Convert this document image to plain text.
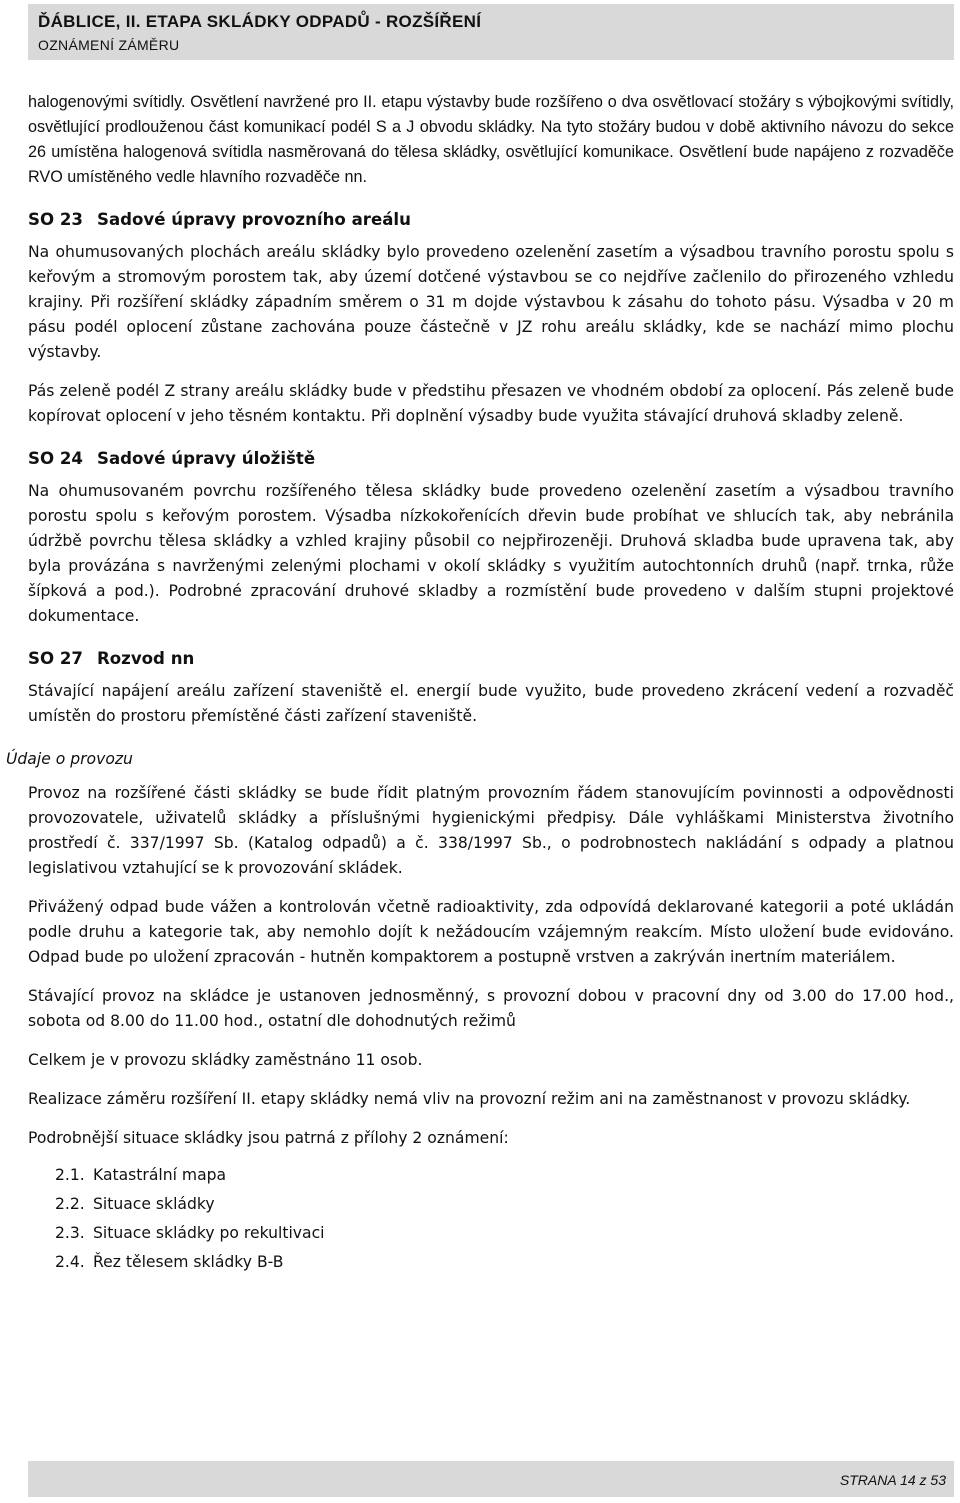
ĎÁBLICE, II. ETAPA SKLÁDKY ODPADŮ - ROZŠÍŘENÍ
OZNÁMENÍ ZÁMĚRU

halogenovými svítidly. Osvětlení navržené pro II. etapu výstavby bude rozšířeno o dva osvětlovací stožáry s výbojkovými svítidly, osvětlující prodlouženou část komunikací podél S a J obvodu skládky. Na tyto stožáry budou v době aktivního návozu do sekce 26 umístěna halogenová svítidla nasměrovaná do tělesa skládky, osvětlující komunikace. Osvětlení bude napájeno z rozvaděče RVO umístěného vedle hlavního rozvaděče nn.

SO 23 Sadové úpravy provozního areálu

Na ohumusovaných plochách areálu skládky bylo provedeno ozelenění zasetím a výsadbou travního porostu spolu s keřovým a stromovým porostem tak, aby území dotčené výstavbou se co nejdříve začlenilo do přirozeného vzhledu krajiny. Při rozšíření skládky západním směrem o 31 m dojde výstavbou k zásahu do tohoto pásu. Výsadba v 20 m pásu podél oplocení zůstane zachována pouze částečně v JZ rohu areálu skládky, kde se nachází mimo plochu výstavby.

Pás zeleně podél Z strany areálu skládky bude v předstihu přesazen ve vhodném období za oplocení. Pás zeleně bude kopírovat oplocení v jeho těsném kontaktu. Při doplnění výsadby bude využita stávající druhová skladby zeleně.

SO 24 Sadové úpravy úložiště

Na ohumusovaném povrchu rozšířeného tělesa skládky bude provedeno ozelenění zasetím a výsadbou travního porostu spolu s keřovým porostem. Výsadba nízkokořenících dřevin bude probíhat ve shlucích tak, aby nebránila údržbě povrchu tělesa skládky a vzhled krajiny působil co nejpřirozeněji. Druhová skladba bude upravena tak, aby byla provázána s navrženými zelenými plochami v okolí skládky s využitím autochtonních druhů (např. trnka, růže šípková a pod.). Podrobné zpracování druhové skladby a rozmístění bude provedeno v dalším stupni projektové dokumentace.

SO 27 Rozvod nn

Stávající napájení areálu zařízení staveniště el. energií bude využito, bude provedeno zkrácení vedení a rozvaděč umístěn do prostoru přemístěné části zařízení staveniště.

Údaje o provozu

Provoz na rozšířené části skládky se bude řídit platným provozním řádem stanovujícím povinnosti a odpovědnosti provozovatele, uživatelů skládky a příslušnými hygienickými předpisy. Dále vyhláškami Ministerstva životního prostředí č. 337/1997 Sb. (Katalog odpadů) a č. 338/1997 Sb., o podrobnostech nakládání s odpady a platnou legislativou vztahující se k provozování skládek.

Přivážený odpad bude vážen a kontrolován včetně radioaktivity, zda odpovídá deklarované kategorii a poté ukládán podle druhu a kategorie tak, aby nemohlo dojít k nežádoucím vzájemným reakcím. Místo uložení bude evidováno. Odpad bude po uložení zpracován - hutněn kompaktorem a postupně vrstven a zakrýván inertním materiálem.

Stávající provoz na skládce je ustanoven jednosměnný, s provozní dobou v pracovní dny od 3.00 do 17.00 hod., sobota od 8.00 do 11.00 hod., ostatní dle dohodnutých režimů

Celkem je v provozu skládky zaměstnáno 11 osob.

Realizace záměru rozšíření II. etapy skládky nemá vliv na provozní režim ani na zaměstnanost v provozu skládky.

Podrobnější situace skládky jsou patrná z přílohy 2 oznámení:

2.1. Katastrální mapa
2.2. Situace skládky
2.3. Situace skládky po rekultivaci
2.4. Řez tělesem skládky B-B
STRANA 14 z 53
